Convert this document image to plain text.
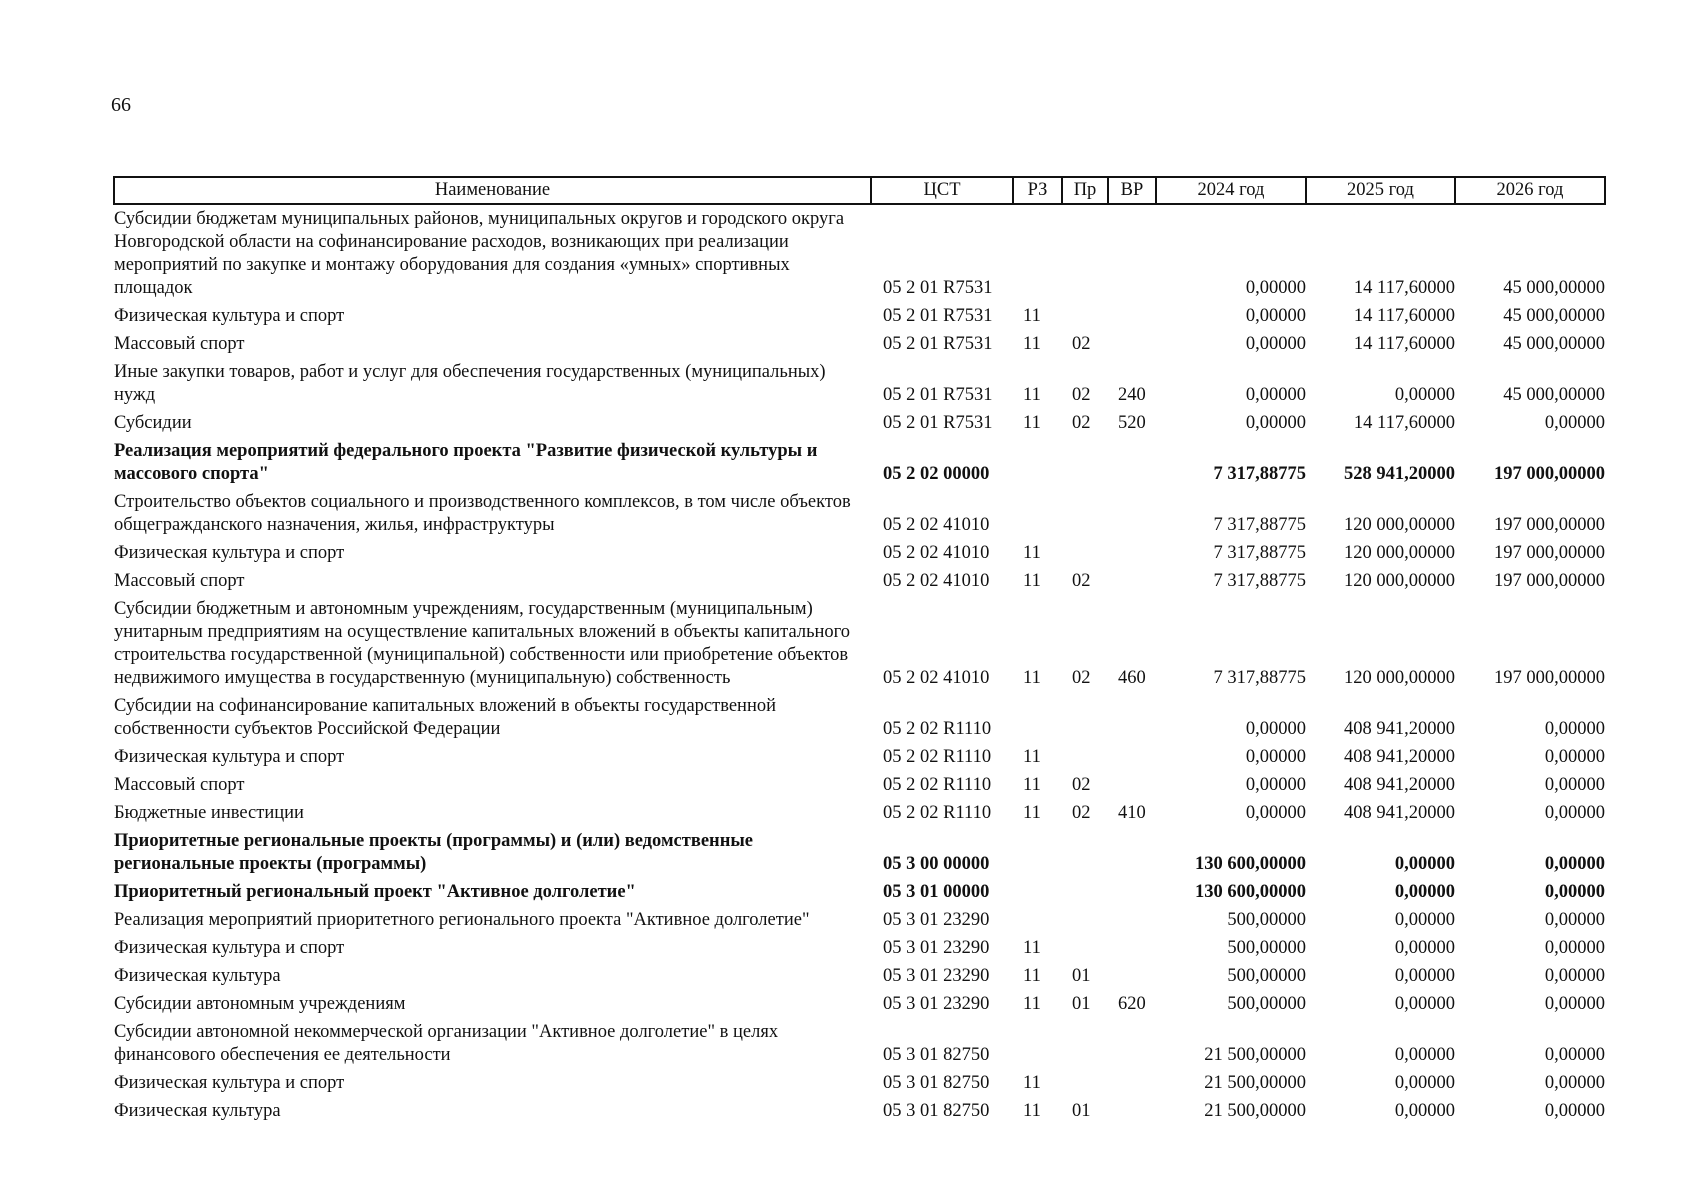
66
Наименование	ЦСТ	РЗ	Пр	ВР	2024 год	2025 год	2026 год
Субсидии бюджетам муниципальных районов, муниципальных округов и городского округа Новгородской области на софинансирование расходов, возникающих при реализации мероприятий по закупке и монтажу оборудования для создания «умных» спортивных площадок	05 2 01 R7531				0,00000	14 117,60000	45 000,00000
Физическая культура и спорт	05 2 01 R7531	11			0,00000	14 117,60000	45 000,00000
Массовый спорт	05 2 01 R7531	11	02		0,00000	14 117,60000	45 000,00000
Иные закупки товаров, работ и услуг для обеспечения государственных (муниципальных) нужд	05 2 01 R7531	11	02	240	0,00000	0,00000	45 000,00000
Субсидии	05 2 01 R7531	11	02	520	0,00000	14 117,60000	0,00000
Реализация мероприятий федерального проекта "Развитие физической культуры и массового спорта"	05 2 02 00000				7 317,88775	528 941,20000	197 000,00000
Строительство объектов социального и производственного комплексов, в том числе объектов общегражданского назначения, жилья, инфраструктуры	05 2 02 41010				7 317,88775	120 000,00000	197 000,00000
Физическая культура и спорт	05 2 02 41010	11			7 317,88775	120 000,00000	197 000,00000
Массовый спорт	05 2 02 41010	11	02		7 317,88775	120 000,00000	197 000,00000
Субсидии бюджетным и автономным учреждениям, государственным (муниципальным) унитарным предприятиям на осуществление капитальных вложений в объекты капитального строительства государственной (муниципальной) собственности или приобретение объектов недвижимого имущества в государственную (муниципальную) собственность	05 2 02 41010	11	02	460	7 317,88775	120 000,00000	197 000,00000
Субсидии на софинансирование капитальных вложений в объекты государственной собственности субъектов Российской Федерации	05 2 02 R1110				0,00000	408 941,20000	0,00000
Физическая культура и спорт	05 2 02 R1110	11			0,00000	408 941,20000	0,00000
Массовый спорт	05 2 02 R1110	11	02		0,00000	408 941,20000	0,00000
Бюджетные инвестиции	05 2 02 R1110	11	02	410	0,00000	408 941,20000	0,00000
Приоритетные региональные проекты (программы) и (или) ведомственные региональные проекты (программы)	05 3 00 00000				130 600,00000	0,00000	0,00000
Приоритетный региональный проект "Активное долголетие"	05 3 01 00000				130 600,00000	0,00000	0,00000
Реализация мероприятий приоритетного регионального проекта "Активное долголетие"	05 3 01 23290				500,00000	0,00000	0,00000
Физическая культура и спорт	05 3 01 23290	11			500,00000	0,00000	0,00000
Физическая культура	05 3 01 23290	11	01		500,00000	0,00000	0,00000
Субсидии автономным учреждениям	05 3 01 23290	11	01	620	500,00000	0,00000	0,00000
Субсидии автономной некоммерческой организации "Активное долголетие" в целях финансового обеспечения ее деятельности	05 3 01 82750				21 500,00000	0,00000	0,00000
Физическая культура и спорт	05 3 01 82750	11			21 500,00000	0,00000	0,00000
Физическая культура	05 3 01 82750	11	01		21 500,00000	0,00000	0,00000
